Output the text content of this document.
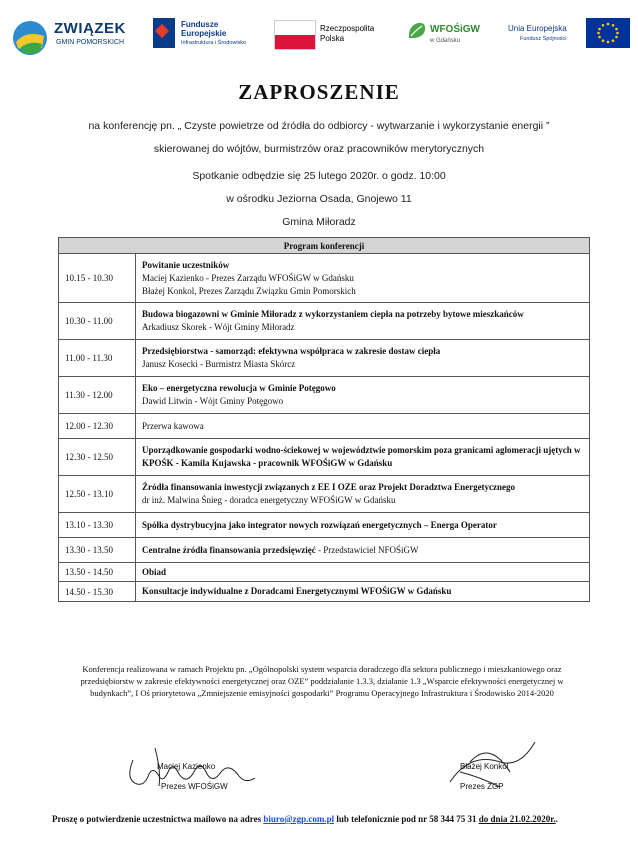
ZWIĄZEK
GMIN POMORSKICH
Fundusze
Europejskie
Infrastruktura i Środowisko
Rzeczpospolita
Polska
WFOŚiGW
w Gdańsku
Unia Europejska
Fundusz Spójności
ZAPROSZENIE
na konferencję pn. „ Czyste powietrze od źródła do odbiorcy - wytwarzanie i wykorzystanie energii ”
skierowanej do wójtów, burmistrzów oraz pracowników merytorycznych
Spotkanie odbędzie się 25 lutego 2020r. o godz. 10:00
w ośrodku Jeziorna Osada, Gnojewo 11
Gmina Miłoradz
Program konferencji	
10.15 - 10.30	Powitanie uczestników
Maciej Kazienko - Prezes Zarządu WFOŚiGW w Gdańsku
Błażej Konkol, Prezes Zarządu Związku Gmin Pomorskich

10.30 - 11.00	Budowa biogazowni w Gminie Miłoradz z wykorzystaniem ciepła na potrzeby bytowe mieszkańców
Arkadiusz Skorek - Wójt Gminy Miłoradz

11.00 - 11.30	Przedsiębiorstwa - samorząd: efektywna współpraca w zakresie dostaw ciepła
Janusz Kosecki - Burmistrz Miasta Skórcz

11.30 - 12.00	Eko – energetyczna rewolucja w Gminie Potęgowo
Dawid Litwin - Wójt Gminy Potęgowo

12.00 - 12.30	Przerwa kawowa

12.30 - 12.50	Uporządkowanie gospodarki wodno-ściekowej w województwie pomorskim poza granicami aglomeracji ujętych w KPOŚK - Kamila Kujawska - pracownik WFOŚiGW w Gdańsku

12.50 - 13.10	Źródła finansowania inwestycji związanych z EE I OZE oraz Projekt Doradztwa Energetycznego
dr inż. Malwina Śnieg - doradca energetyczny WFOŚiGW w Gdańsku

13.10 - 13.30	Spółka dystrybucyjna jako integrator nowych rozwiązań energetycznych – Energa Operator

13.30 - 13.50	Centralne źródła finansowania przedsięwzięć - Przedstawiciel NFOŚiGW

13.50 - 14.50	Obiad

14.50 - 15.30	Konsultacje indywidualne z Doradcami Energetycznymi WFOŚiGW w Gdańsku
Konferencja realizowana w ramach Projektu pn. „Ogólnopolski system wsparcia doradczego dla sektora publicznego i mieszkaniowego oraz przedsiębiorstw w zakresie efektywności energetycznej oraz OZE” poddziałanie 1.3.3, działanie 1.3 „Wsparcie efektywności energetycznej w budynkach”, I Oś priorytetowa „Zmniejszenie emisyjności gospodarki” Programu Operacyjnego Infrastruktura i Środowisko 2014-2020
Maciej Kazienko
Prezes WFOŚiGW
Błażej Konkol
Prezes ZGP
Proszę o potwierdzenie uczestnictwa mailowo na adres biuro@zgp.com.pl lub telefonicznie pod nr 58 344 75 31 do dnia 21.02.2020r..
